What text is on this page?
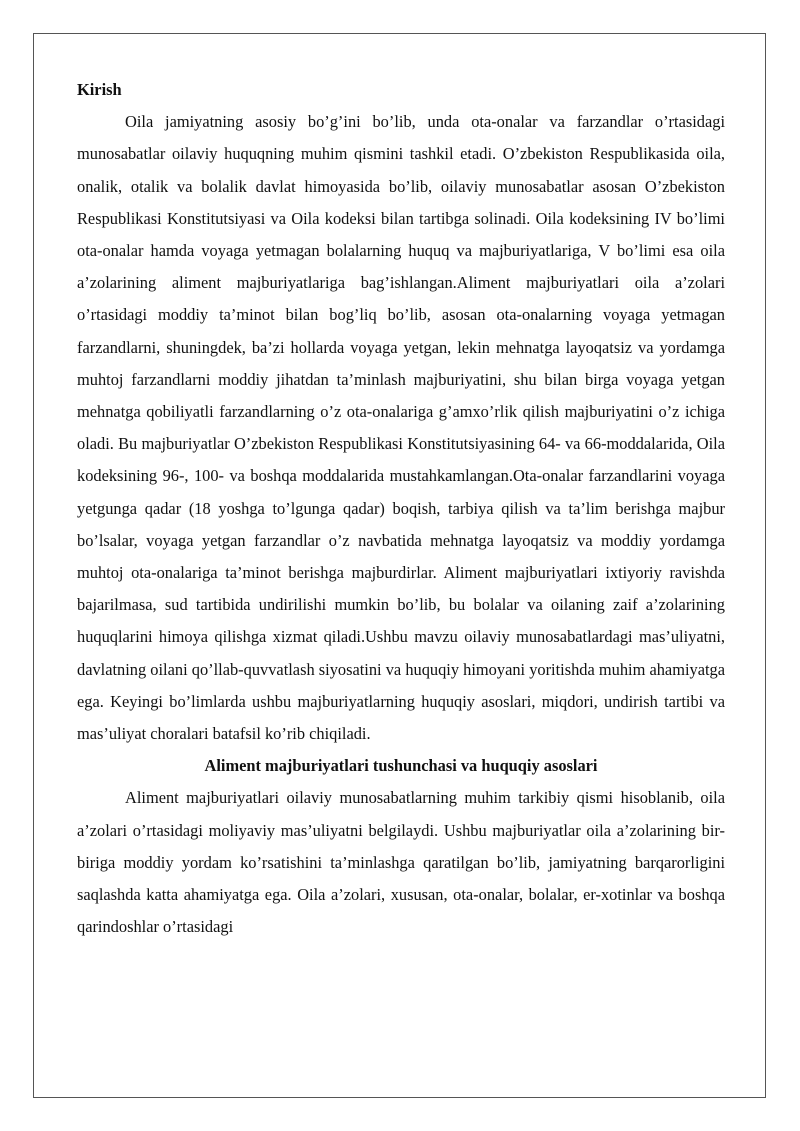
Kirish

Oila jamiyatning asosiy bo’g’ini bo’lib, unda ota-onalar va farzandlar o’rtasidagi munosabatlar oilaviy huquqning muhim qismini tashkil etadi. O’zbekiston Respublikasida oila, onalik, otalik va bolalik davlat himoyasida bo’lib, oilaviy munosabatlar asosan O’zbekiston Respublikasi Konstitutsiyasi va Oila kodeksi bilan tartibga solinadi. Oila kodeksining IV bo’limi ota-onalar hamda voyaga yetmagan bolalarning huquq va majburiyatlariga, V bo’limi esa oila a’zolarining aliment majburiyatlariga bag’ishlangan.Aliment majburiyatlari oila a’zolari o’rtasidagi moddiy ta’minot bilan bog’liq bo’lib, asosan ota-onalarning voyaga yetmagan farzandlarni, shuningdek, ba’zi hollarda voyaga yetgan, lekin mehnatga layoqatsiz va yordamga muhtoj farzandlarni moddiy jihatdan ta’minlash majburiyatini, shu bilan birga voyaga yetgan mehnatga qobiliyatli farzandlarning o’z ota-onalariga g’amxo’rlik qilish majburiyatini o’z ichiga oladi. Bu majburiyatlar O’zbekiston Respublikasi Konstitutsiyasining 64- va 66-moddalarida, Oila kodeksining 96-, 100- va boshqa moddalarida mustahkamlangan.Ota-onalar farzandlarini voyaga yetgunga qadar (18 yoshga to’lgunga qadar) boqish, tarbiya qilish va ta’lim berishga majbur bo’lsalar, voyaga yetgan farzandlar o’z navbatida mehnatga layoqatsiz va moddiy yordamga muhtoj ota-onalariga ta’minot berishga majburdirlar. Aliment majburiyatlari ixtiyoriy ravishda bajarilmasa, sud tartibida undirilishi mumkin bo’lib, bu bolalar va oilaning zaif a’zolarining huquqlarini himoya qilishga xizmat qiladi.Ushbu mavzu oilaviy munosabatlardagi mas’uliyatni, davlatning oilani qo’llab-quvvatlash siyosatini va huquqiy himoyani yoritishda muhim ahamiyatga ega. Keyingi bo’limlarda ushbu majburiyatlarning huquqiy asoslari, miqdori, undirish tartibi va mas’uliyat choralari batafsil ko’rib chiqiladi.

Aliment majburiyatlari tushunchasi va huquqiy asoslari

Aliment majburiyatlari oilaviy munosabatlarning muhim tarkibiy qismi hisoblanib, oila a’zolari o’rtasidagi moliyaviy mas’uliyatni belgilaydi. Ushbu majburiyatlar oila a’zolarining bir-biriga moddiy yordam ko’rsatishini ta’minlashga qaratilgan bo’lib, jamiyatning barqarorligini saqlashda katta ahamiyatga ega. Oila a’zolari, xususan, ota-onalar, bolalar, er-xotinlar va boshqa qarindoshlar o’rtasidagi
